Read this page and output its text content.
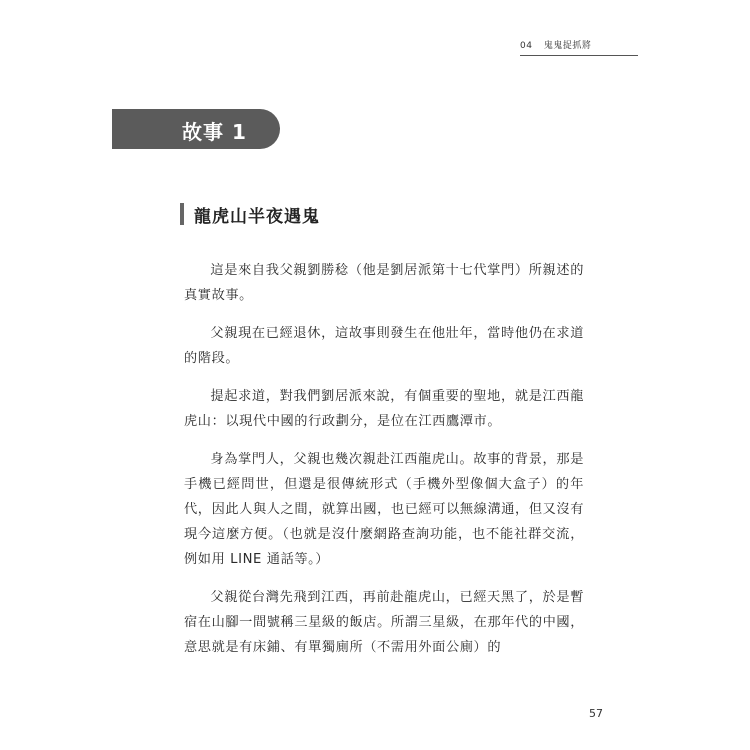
04 鬼鬼捉抓將
故事 1
龍虎山半夜遇鬼

這是來自我父親劉勝稔（他是劉居派第十七代掌門）所親述的真實故事。

父親現在已經退休，這故事則發生在他壯年，當時他仍在求道的階段。

提起求道，對我們劉居派來說，有個重要的聖地，就是江西龍虎山：以現代中國的行政劃分，是位在江西鷹潭市。

身為掌門人，父親也幾次親赴江西龍虎山。故事的背景，那是手機已經問世，但還是很傳統形式（手機外型像個大盒子）的年代，因此人與人之間，就算出國，也已經可以無線溝通，但又沒有現今這麼方便。（也就是沒什麼網路查詢功能，也不能社群交流，例如用 LINE 通話等。）

父親從台灣先飛到江西，再前赴龍虎山，已經天黑了，於是暫宿在山腳一間號稱三星級的飯店。所謂三星級，在那年代的中國，意思就是有床鋪、有單獨廁所（不需用外面公廁）的

57
